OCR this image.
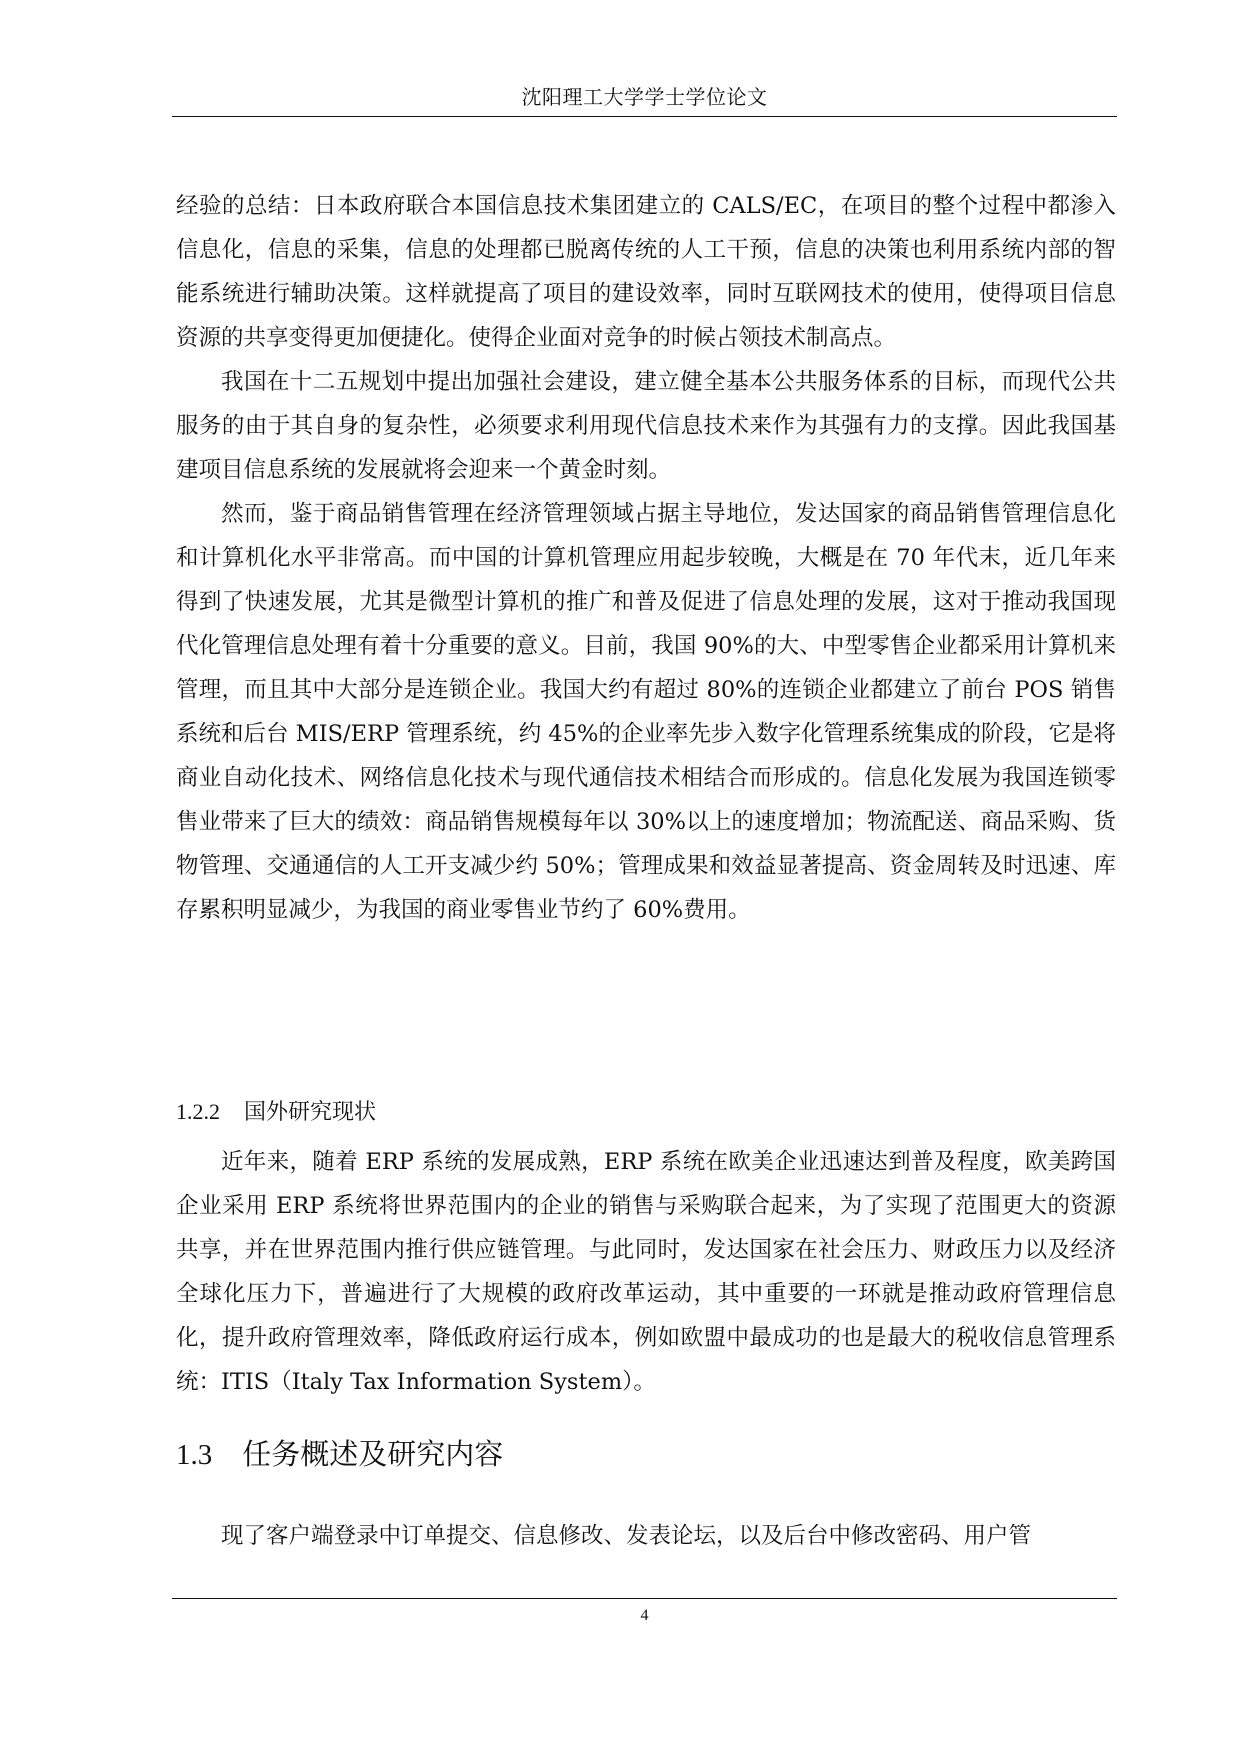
沈阳理工大学学士学位论文

经验的总结：日本政府联合本国信息技术集团建立的 CALS/EC，在项目的整个过程中都渗入信息化，信息的采集，信息的处理都已脱离传统的人工干预，信息的决策也利用系统内部的智能系统进行辅助决策。这样就提高了项目的建设效率，同时互联网技术的使用，使得项目信息资源的共享变得更加便捷化。使得企业面对竞争的时候占领技术制高点。

我国在十二五规划中提出加强社会建设，建立健全基本公共服务体系的目标，而现代公共服务的由于其自身的复杂性，必须要求利用现代信息技术来作为其强有力的支撑。因此我国基建项目信息系统的发展就将会迎来一个黄金时刻。

然而，鉴于商品销售管理在经济管理领域占据主导地位，发达国家的商品销售管理信息化和计算机化水平非常高。而中国的计算机管理应用起步较晚，大概是在 70 年代末，近几年来得到了快速发展，尤其是微型计算机的推广和普及促进了信息处理的发展，这对于推动我国现代化管理信息处理有着十分重要的意义。目前，我国 90%的大、中型零售企业都采用计算机来管理，而且其中大部分是连锁企业。我国大约有超过 80%的连锁企业都建立了前台 POS 销售系统和后台 MIS/ERP 管理系统，约 45%的企业率先步入数字化管理系统集成的阶段，它是将商业自动化技术、网络信息化技术与现代通信技术相结合而形成的。信息化发展为我国连锁零售业带来了巨大的绩效：商品销售规模每年以 30%以上的速度增加；物流配送、商品采购、货物管理、交通通信的人工开支减少约 50%；管理成果和效益显著提高、资金周转及时迅速、库存累积明显减少，为我国的商业零售业节约了 60%费用。

1.2.2 国外研究现状

近年来，随着 ERP 系统的发展成熟，ERP 系统在欧美企业迅速达到普及程度，欧美跨国企业采用 ERP 系统将世界范围内的企业的销售与采购联合起来，为了实现了范围更大的资源共享，并在世界范围内推行供应链管理。与此同时，发达国家在社会压力、财政压力以及经济全球化压力下，普遍进行了大规模的政府改革运动，其中重要的一环就是推动政府管理信息化，提升政府管理效率，降低政府运行成本，例如欧盟中最成功的也是最大的税收信息管理系统：ITIS（Italy Tax Information System）。

1.3 任务概述及研究内容

现了客户端登录中订单提交、信息修改、发表论坛，以及后台中修改密码、用户管

4
